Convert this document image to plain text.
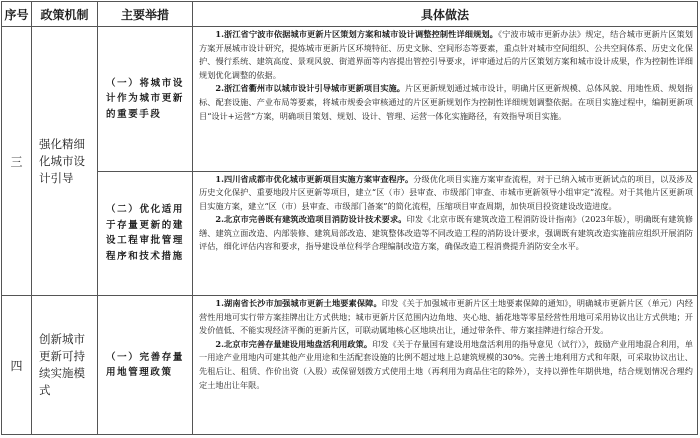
序号	政策机制	主要举措	具体做法
三	强化精细化城市设计引导	（一）将城市设计作为城市更新的重要手段	1.浙江省宁波市依据城市更新片区策划方案和城市设计调整控制性详细规划。《宁波市城市更新办法》规定，结合城市更新片区策划方案开展城市设计研究，提炼城市更新片区环境特征、历史文脉、空间形态等要素，重点针对城市空间组织、公共空间体系、历史文化保护、慢行系统、建筑高度、景观风貌、街道界面等内容提出管控引导要求，评审通过后的片区策划方案和城市设计成果，作为控制性详细规划优化调整的依据。

2.浙江省衢州市以城市设计引导城市更新项目实施。片区更新规划通过城市设计，明确片区更新规模、总体风貌、用地性质、规划指标、配套设施、产业布局等要素，将城市规委会审核通过的片区更新规划作为控制性详细规划调整依据。在项目实施过程中，编制更新项目“设计+运营”方案，明确项目策划、规划、设计、管理、运营一体化实施路径，有效指导项目实施。

		（二）优化适用于存量更新的建设工程审批管理程序和技术措施	1.四川省成都市优化城市更新项目实施方案审查程序。分级优化项目实施方案审查流程，对于已纳入城市更新试点的项目，以及涉及历史文化保护、重要地段片区更新等项目，建立“区（市）县审查、市级部门审查、市城市更新领导小组审定”流程。对于其他片区更新项目实施方案，建立“区（市）县审查、市级部门备案”的简化流程，压缩项目审查周期，加快项目投资建设改造进度。

2.北京市完善既有建筑改造项目消防设计技术要求。印发《北京市既有建筑改造工程消防设计指南》（2023年版），明确既有建筑修缮、建筑立面改造、内部装修、建筑局部改造、建筑整体改造等不同改造工程的消防设计要求，强调既有建筑改造实施前应组织开展消防评估，细化评估内容和要求，指导建设单位科学合理编制改造方案，确保改造工程消费提升消防安全水平。

四	创新城市更新可持续实施模式	（一）完善存量用地管理政策	1.湖南省长沙市加强城市更新土地要素保障。印发《关于加强城市更新片区土地要素保障的通知》，明确城市更新片区（单元）内经营性用地可实行带方案挂牌出让方式供地；城市更新片区范围内边角地、夹心地、插花地等零星经营性用地可采用协议出让方式供地；开发价值低、不能实现经济平衡的更新片区，可联动属地核心区地块出让，通过带条件、带方案挂牌进行综合开发。

2.北京市完善存量建设用地盘活利用政策。印发《关于存量国有建设用地盘活利用的指导意见（试行）》，鼓励产业用地混合利用，单一用途产业用地内可建其他产业用途和生活配套设施的比例不超过地上总建筑规模的30%。完善土地利用方式和年限，可采取协议出让、先租后让、租赁、作价出资（入股）或保留划拨方式使用土地（再利用为商品住宅的除外），支持以弹性年期供地，结合规划情况合理约定土地出让年限。
